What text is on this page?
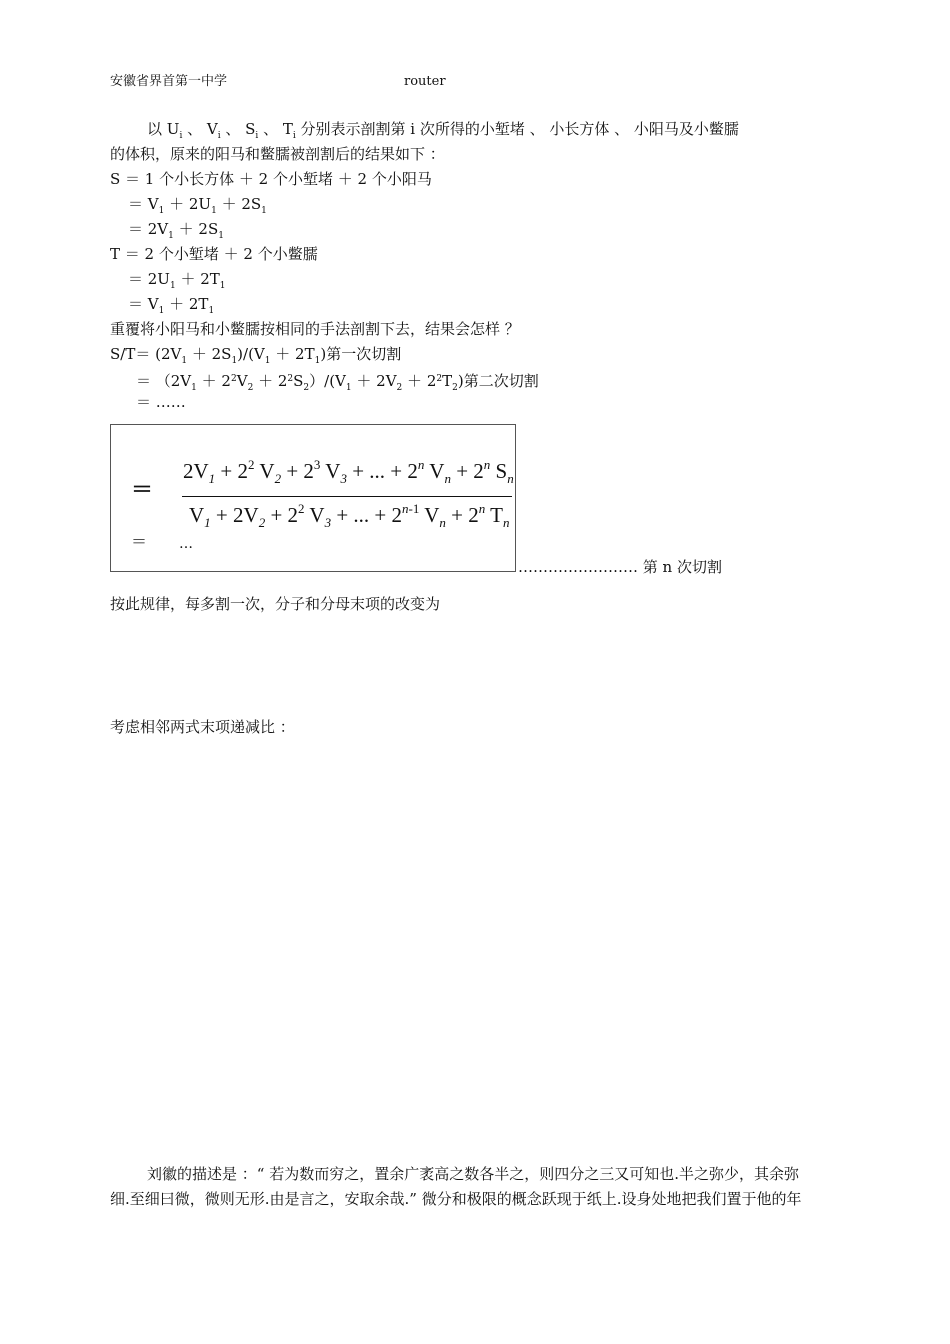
安徽省界首第一中学	router
以 $U_i$ 、 $V_i$ 、 $S_i$ 、 $T_i$ 分别表示剖割第 i 次所得的小堑堵 、 小长方体 、 小阳马及小鳖臑
的体积，原来的阳马和鳖臑被剖割后的结果如下 ：
S ＝ 1 个小长方体 ＋ 2 个小堑堵 ＋ 2 个小阳马
＝ $V_1 + 2U_1 + 2S_1$
＝ $2V_1 + 2S_1$
T ＝ 2 个小堑堵 ＋ 2 个小鳖臑
＝ $2U_1 + 2T_1$
＝ $V_1 + 2T_1$
重覆将小阳马和小鳖臑按相同的手法剖割下去，结果会怎样 ？
$S/T= (2V_1 + 2S_1)/(V_1 + 2T_1)$第一次切割
＝ $(2V_1 + 2^2V_2 + 2^2S_2)/(V_1 + 2V_2 + 2^2T_2)$第二次切割
＝ ……
＝
$2V_1 + 2^2$ $V_2 + 2^3$ $V_3$ + ... + $2^n$ $V_n + 2^n$ $S_n$
$V_1 + 2V_2 + 2^2$ $V_3$ + ... + $2^{n-1}$ $V_n + 2^n$ $T_n$
＝ …
…………………… 第 n 次切割
按此规律，每多割一次，分子和分母末项的改变为
考虑相邻两式末项递减比 ：
刘徽的描述是 ：“ 若为数而穷之，置余广袤高之数各半之，则四分之三又可知也.半之弥少，其余弥
细.至细曰微，微则无形.由是言之，安取余哉.” 微分和极限的概念跃现于纸上.设身处地把我们置于他的年
